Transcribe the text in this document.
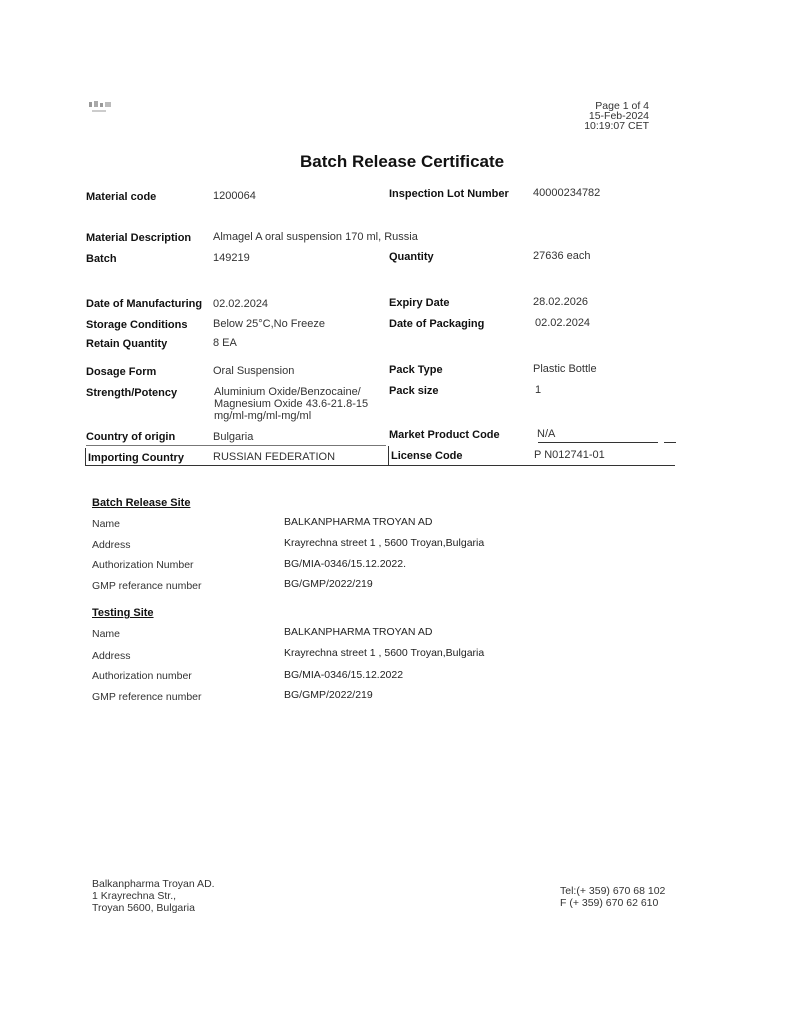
Page 1 of 4
15-Feb-2024
10:19:07 CET
Batch Release Certificate
Material code	1200064	Inspection Lot Number 40000234782
Material Description Almagel A oral suspension 170 ml, Russia
Batch	149219	Quantity	27636 each
Date of Manufacturing 02.02.2024	Expiry Date	28.02.2026
Storage Conditions Below 25°C,No Freeze	Date of Packaging	02.02.2024
Retain Quantity	8 EA
Dosage Form	Oral Suspension	Pack Type	Plastic Bottle
Strength/Potency	Aluminium Oxide/Benzocaine/
Magnesium Oxide 43.6-21.8-15
mg/ml-mg/ml-mg/ml
Pack size	1
Country of origin	Bulgaria	Market Product Code	N/A
Importing Country	RUSSIAN FEDERATION	License Code	P N012741-01
Batch Release Site
Name	BALKANPHARMA TROYAN AD
Address	Krayrechna street 1 , 5600 Troyan,Bulgaria
Authorization Number	BG/MIA-0346/15.12.2022.
GMP referance number	BG/GMP/2022/219
Testing Site
Name	BALKANPHARMA TROYAN AD
Address	Krayrechna street 1 , 5600 Troyan,Bulgaria
Authorization number	BG/MIA-0346/15.12.2022
GMP reference number	BG/GMP/2022/219
Balkanpharma Troyan AD.
1 Krayrechna Str.,
Troyan 5600, Bulgaria
Tel:(+ 359) 670 68 102
F (+ 359) 670 62 610
